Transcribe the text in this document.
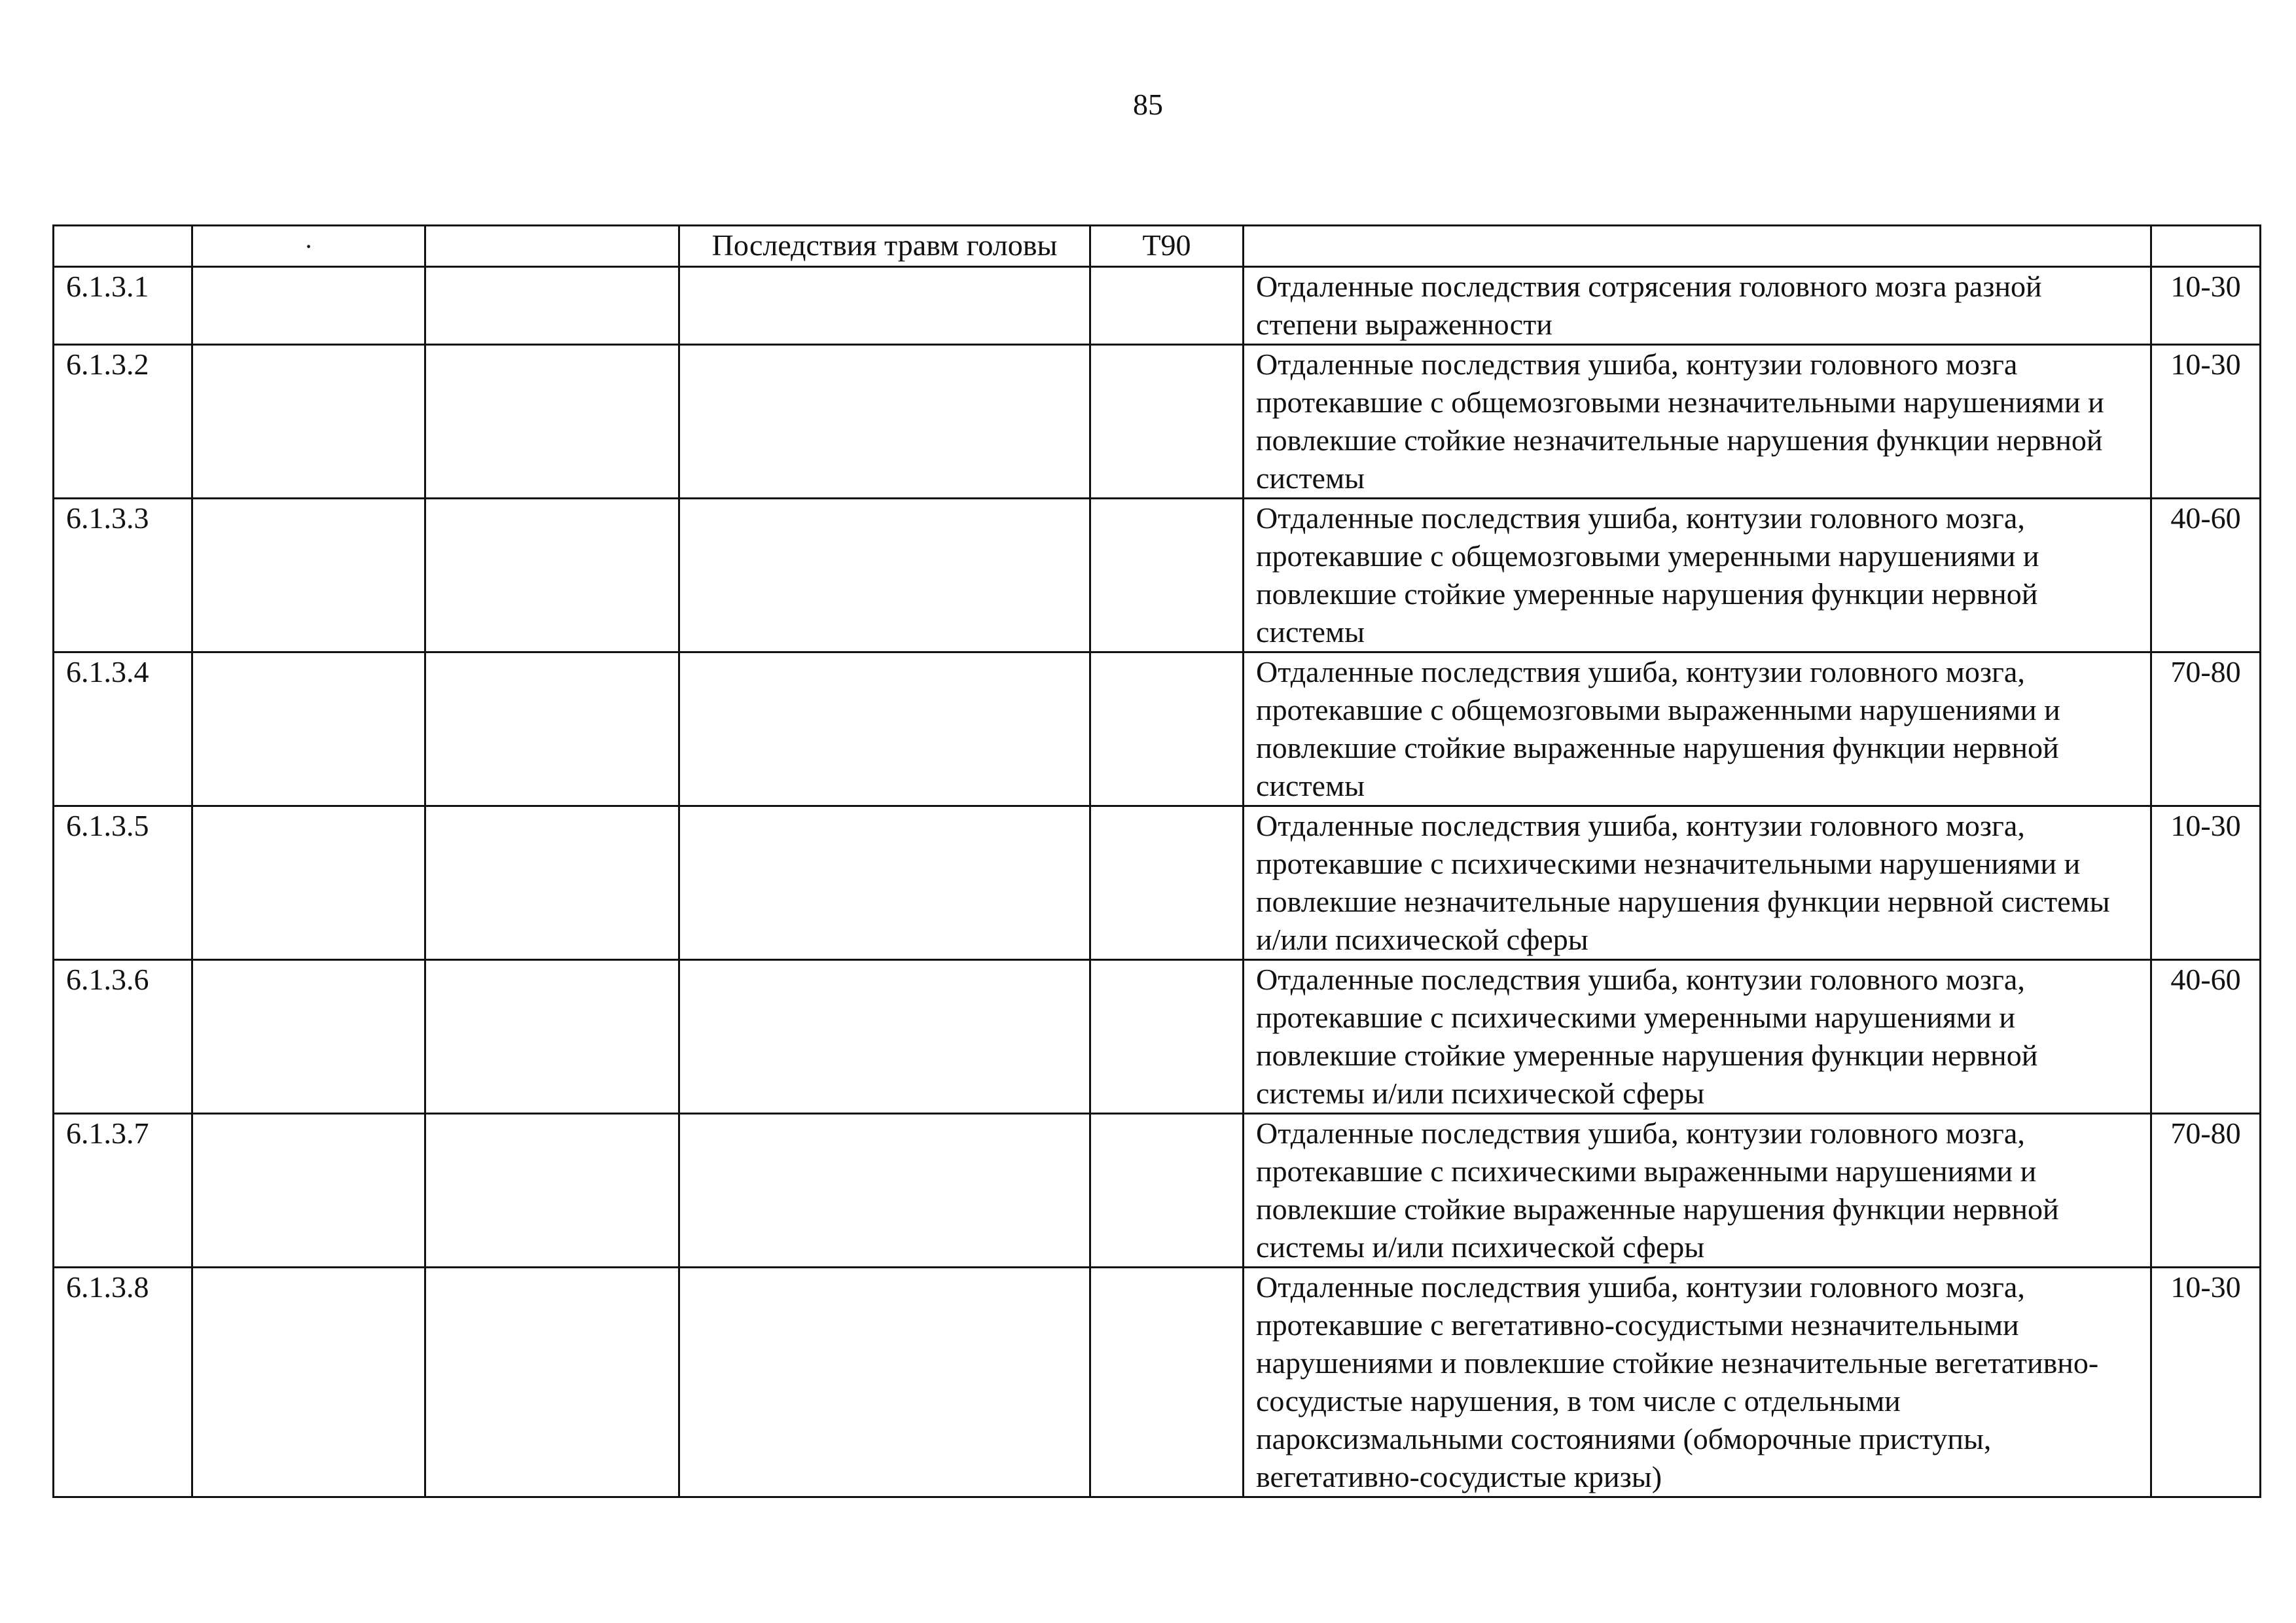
85
	·		Последствия травм головы	T90		
6.1.3.1					Отдаленные последствия сотрясения головного мозга разной степени выраженности	10-30
6.1.3.2					Отдаленные последствия ушиба, контузии головного мозга протекавшие с общемозговыми незначительными нарушениями и повлекшие стойкие незначительные нарушения функции нервной системы	10-30
6.1.3.3					Отдаленные последствия ушиба, контузии головного мозга, протекавшие с общемозговыми умеренными нарушениями и повлекшие стойкие умеренные нарушения функции нервной системы	40-60
6.1.3.4					Отдаленные последствия ушиба, контузии головного мозга, протекавшие с общемозговыми выраженными нарушениями и повлекшие стойкие выраженные нарушения функции нервной системы	70-80
6.1.3.5					Отдаленные последствия ушиба, контузии головного мозга, протекавшие с психическими незначительными нарушениями и повлекшие незначительные нарушения функции нервной системы и/или психической сферы	10-30
6.1.3.6					Отдаленные последствия ушиба, контузии головного мозга, протекавшие с психическими умеренными нарушениями и повлекшие стойкие умеренные нарушения функции нервной системы и/или психической сферы	40-60
6.1.3.7					Отдаленные последствия ушиба, контузии головного мозга, протекавшие с психическими выраженными нарушениями и повлекшие стойкие выраженные нарушения функции нервной системы и/или психической сферы	70-80
6.1.3.8					Отдаленные последствия ушиба, контузии головного мозга, протекавшие с вегетативно-сосудистыми незначительными нарушениями и повлекшие стойкие незначительные вегетативно-сосудистые нарушения, в том числе с отдельными пароксизмальными состояниями (обморочные приступы, вегетативно-сосудистые кризы)	10-30
